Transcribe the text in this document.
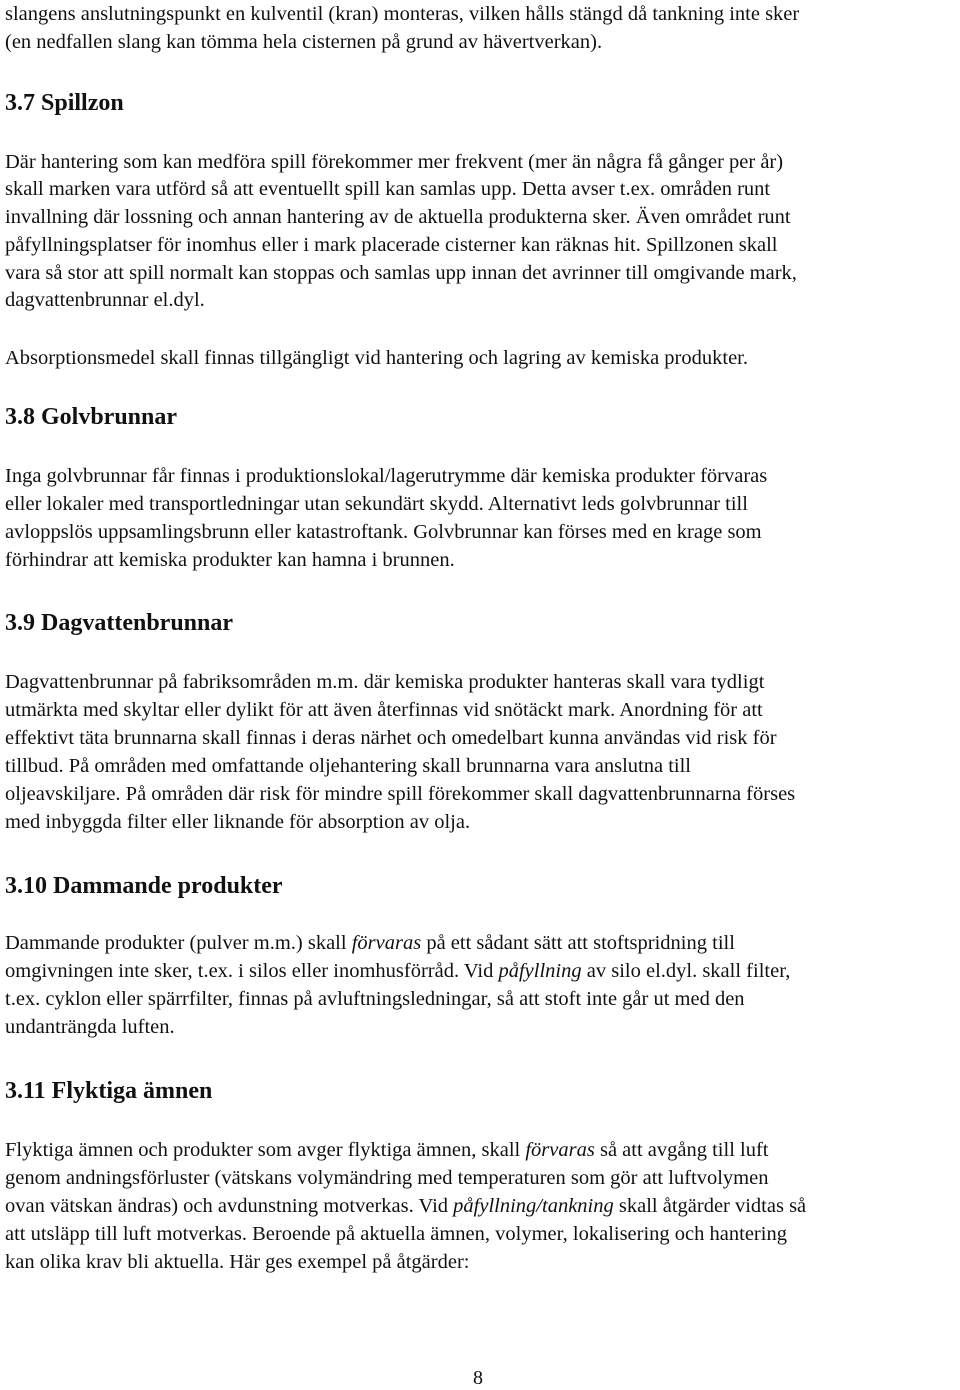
slangens anslutningspunkt en kulventil (kran) monteras, vilken hålls stängd då tankning inte sker
(en nedfallen slang kan tömma hela cisternen på grund av hävertverkan).
3.7 Spillzon
Där hantering som kan medföra spill förekommer mer frekvent (mer än några få gånger per år)
skall marken vara utförd så att eventuellt spill kan samlas upp. Detta avser t.ex. områden runt
invallning där lossning och annan hantering av de aktuella produkterna sker. Även området runt
påfyllningsplatser för inomhus eller i mark placerade cisterner kan räknas hit. Spillzonen skall
vara så stor att spill normalt kan stoppas och samlas upp innan det avrinner till omgivande mark,
dagvattenbrunnar el.dyl.
Absorptionsmedel skall finnas tillgängligt vid hantering och lagring av kemiska produkter.
3.8 Golvbrunnar
Inga golvbrunnar får finnas i produktionslokal/lagerutrymme där kemiska produkter förvaras
eller lokaler med transportledningar utan sekundärt skydd. Alternativt leds golvbrunnar till
avloppslös uppsamlingsbrunn eller katastroftank. Golvbrunnar kan förses med en krage som
förhindrar att kemiska produkter kan hamna i brunnen.
3.9 Dagvattenbrunnar
Dagvattenbrunnar på fabriksområden m.m. där kemiska produkter hanteras skall vara tydligt
utmärkta med skyltar eller dylikt för att även återfinnas vid snötäckt mark. Anordning för att
effektivt täta brunnarna skall finnas i deras närhet och omedelbart kunna användas vid risk för
tillbud. På områden med omfattande oljehantering skall brunnarna vara anslutna till
oljeavskiljare. På områden där risk för mindre spill förekommer skall dagvattenbrunnarna förses
med inbyggda filter eller liknande för absorption av olja.
3.10 Dammande produkter
Dammande produkter (pulver m.m.) skall förvaras på ett sådant sätt att stoftspridning till
omgivningen inte sker, t.ex. i silos eller inomhusförråd. Vid påfyllning av silo el.dyl. skall filter,
t.ex. cyklon eller spärrfilter, finnas på avluftningsledningar, så att stoft inte går ut med den
undanträngda luften.
3.11 Flyktiga ämnen
Flyktiga ämnen och produkter som avger flyktiga ämnen, skall förvaras så att avgång till luft
genom andningsförluster (vätskans volymändring med temperaturen som gör att luftvolymen
ovan vätskan ändras) och avdunstning motverkas. Vid påfyllning/tankning skall åtgärder vidtas så
att utsläpp till luft motverkas. Beroende på aktuella ämnen, volymer, lokalisering och hantering
kan olika krav bli aktuella. Här ges exempel på åtgärder:
8
